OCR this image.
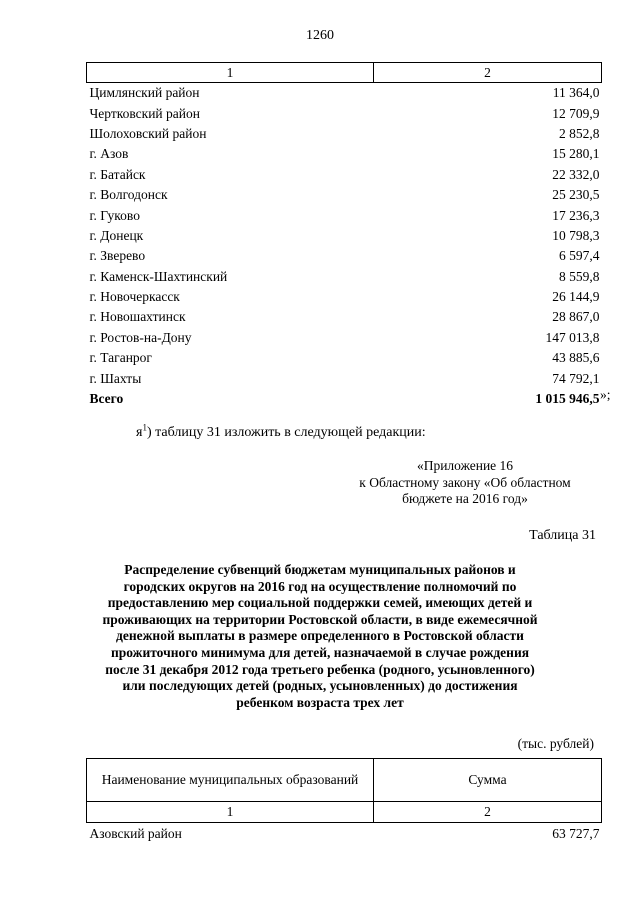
1260
1	2
Цимлянский район	11 364,0
Чертковский район	12 709,9
Шолоховский район	2 852,8
г. Азов	15 280,1
г. Батайск	22 332,0
г. Волгодонск	25 230,5
г. Гуково	17 236,3
г. Донецк	10 798,3
г. Зверево	6 597,4
г. Каменск-Шахтинский	8 559,8
г. Новочеркасск	26 144,9
г. Новошахтинск	28 867,0
г. Ростов-на-Дону	147 013,8
г. Таганрог	43 885,6
г. Шахты	74 792,1
Всего	1 015 946,5 »;
$я^1$) таблицу 31 изложить в следующей редакции:
«Приложение 16
к Областному закону «Об областном
бюджете на 2016 год»
Таблица 31
Распределение субвенций бюджетам муниципальных районов и городских округов на 2016 год на осуществление полномочий по предоставлению мер социальной поддержки семей, имеющих детей и проживающих на территории Ростовской области, в виде ежемесячной денежной выплаты в размере определенного в Ростовской области прожиточного минимума для детей, назначаемой в случае рождения после 31 декабря 2012 года третьего ребенка (родного, усыновленного) или последующих детей (родных, усыновленных) до достижения ребенком возраста трех лет
(тыс. рублей)
Наименование муниципальных образований	Сумма
1	2
Азовский район	63 727,7
